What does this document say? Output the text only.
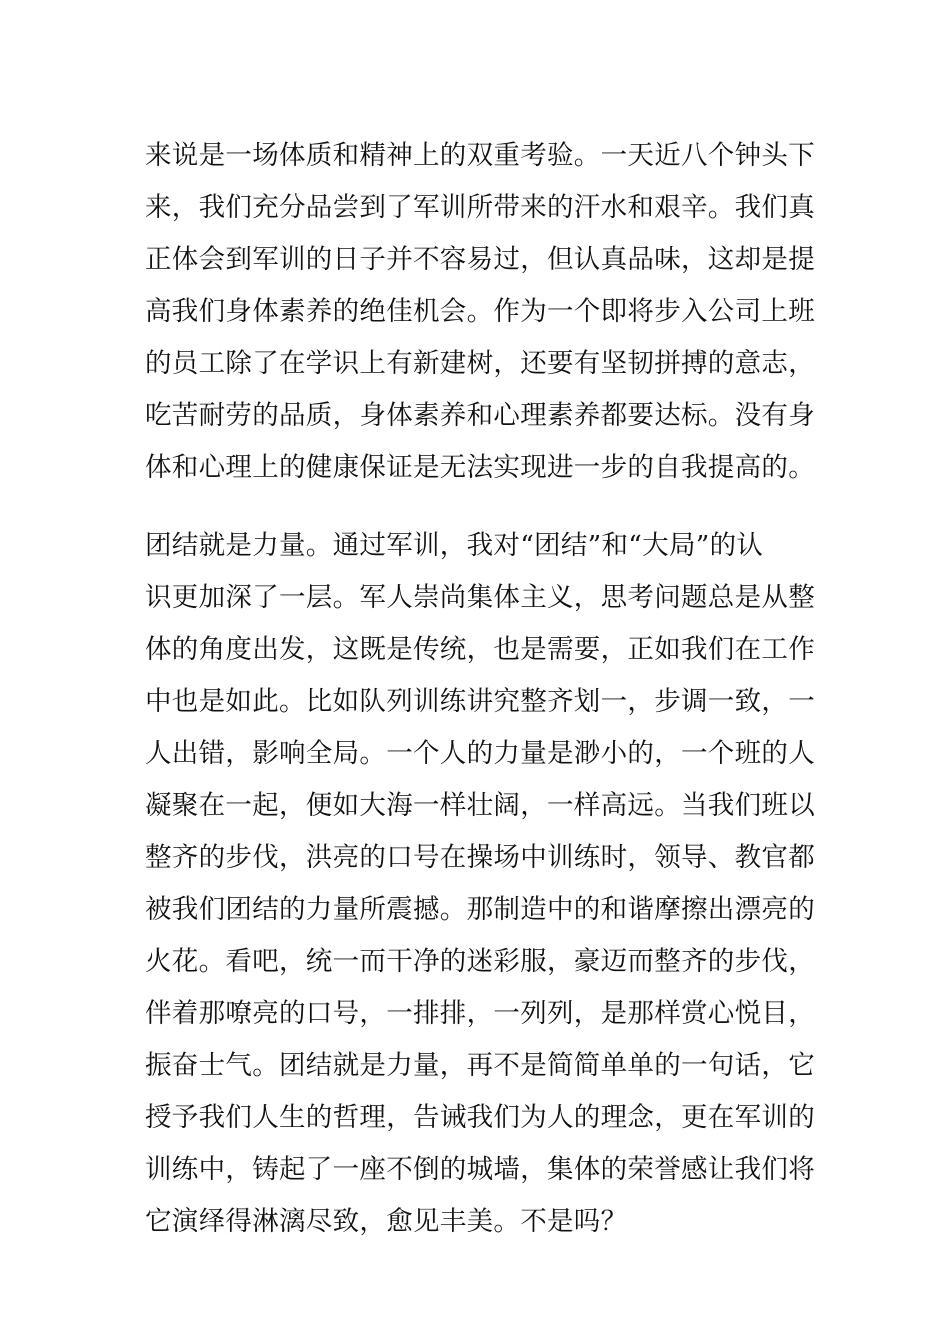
来说是一场体质和精神上的双重考验。一天近八个钟头下
来，我们充分品尝到了军训所带来的汗水和艰辛。我们真
正体会到军训的日子并不容易过，但认真品味，这却是提
高我们身体素养的绝佳机会。作为一个即将步入公司上班
的员工除了在学识上有新建树，还要有坚韧拼搏的意志，
吃苦耐劳的品质，身体素养和心理素养都要达标。没有身
体和心理上的健康保证是无法实现进一步的自我提高的。
团结就是力量。通过军训，我对“团结”和“大局”的认
识更加深了一层。军人崇尚集体主义，思考问题总是从整
体的角度出发，这既是传统，也是需要，正如我们在工作
中也是如此。比如队列训练讲究整齐划一，步调一致，一
人出错，影响全局。一个人的力量是渺小的，一个班的人
凝聚在一起，便如大海一样壮阔，一样高远。当我们班以
整齐的步伐，洪亮的口号在操场中训练时，领导、教官都
被我们团结的力量所震撼。那制造中的和谐摩擦出漂亮的
火花。看吧，统一而干净的迷彩服，豪迈而整齐的步伐，
伴着那嘹亮的口号，一排排，一列列，是那样赏心悦目，
振奋士气。团结就是力量，再不是简简单单的一句话，它
授予我们人生的哲理，告诫我们为人的理念，更在军训的
训练中，铸起了一座不倒的城墙，集体的荣誉感让我们将
它演绎得淋漓尽致，愈见丰美。不是吗？
